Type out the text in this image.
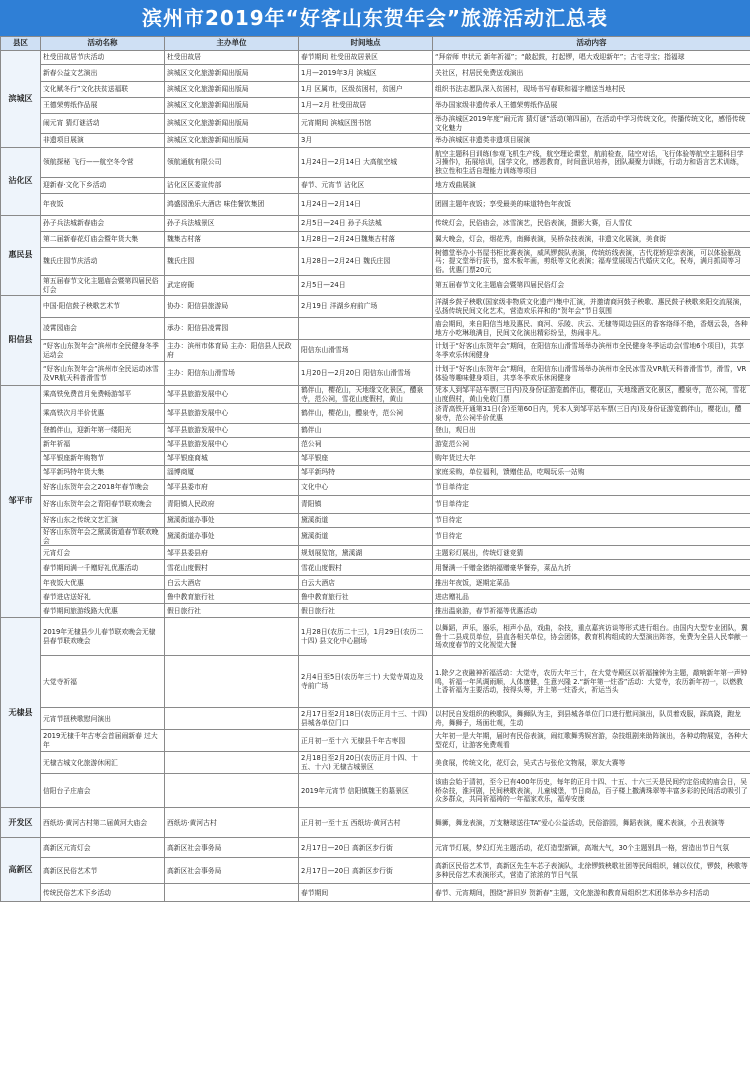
滨州市2019年“好客山东贺年会”旅游活动汇总表
县区	活动名称	主办单位	时间地点	活动内容
滨城区	杜受田故居节庆活动	杜受田故居	春节期间 杜受田故居景区	“拜帝师 申状元 新年祈福”；“敲起鼓，打起锣，唱大戏迎新年”；古宅寻宝；指福球
	新春公益文艺演出	滨城区文化旅游新闻出版局	1月—2019年3月 滨城区	关社区，村居民免费送戏演出
	文化赋冬行”文化扶贫送福联	滨城区文化旅游新闻出版局	1月 区属市，区级贫困村，贫困户	组织书法志愿队深入贫困村，现场书写春联和福字赠送当地村民
	王德荣剪纸作品展	滨城区文化旅游新闻出版局	1月—2月 杜受田故居	举办国家级非遗传承人王德荣剪纸作品展
	闹元宵 猜灯谜活动	滨城区文化旅游新闻出版局	元宵期间 滨城区图书馆	举办滨城区2019年度“闹元宵 猜灯谜”活动(第四届)，在活动中学习传统文化，传播传统文化，感悟传统文化魅力
	非遗项目展演	滨城区文化旅游新闻出版局	3月	举办滨城区非遗类非遗项目展演
沾化区	领航探秘 飞行——航空冬令营	领航通航有限公司	1月24日—2月14日 大高航空城	航空主题科目训练(参观飞机生产线，航空理论课堂，航前检查，陆空对话，飞行体验等航空主题科目学习操作)，拓展培训，国学文化，感恩教育，时间意识培养，团队凝聚力训练，行动力和语言艺术训练，独立性和生活自理能力训练等项目
	迎新春·文化下乡活动	沾化区区委宣传部	春节、元宵节 沾化区	地方戏曲展演
	年夜饭	鸿盛园渔乐大酒店 味佳餐饮集团	1月24日—2月14日	团圆主题年夜饭；享受最美的味道特色年夜饭
惠民县	孙子兵法城新春庙会	孙子兵法城景区	2月5日—24日 孙子兵法城	传统灯会，民俗庙会，冰雪演艺，民俗表演，摄影大赛，百人雪仗
	第二届新春花灯庙会暨年货大集	魏集古村落	1月28日—2月24日魏集古村落	翼大晚会，灯会，烟花秀，南狮表演，吴桥杂技表演，非遗文化展演，美食街
	魏氏庄园节庆活动	魏氏庄园	1月28日—2月24日 魏氏庄园	树德堂举办小书屋书柜比赛表演，威风锣鼓队表演，传统纺线表演，古代花轿迎亲表演，可以体验驱战马；提文堂举行拔书，蛮木板年画，剪纸等文化表演；福寿堂展现古代婚庆文化，祝寿，满月抓周等习俗。优惠门票20元
	第五届春节文化主题庙会暨第四届民俗灯会	武定府衙	2月5日—24日	第五届春节文化主题庙会暨第四届民俗灯会
阳信县	中国·阳信鼓子秧歌艺术节	协办：阳信县旅游局	2月19日 洋湖乡府前广场	洋湖乡鼓子秧歌(国家级非物质文化遗产)集中汇演，并邀请商河鼓子秧歌、惠民鼓子秧歌来阳交流展演，弘扬传统民间文化艺术，营造欢乐祥和的“贺年会”节日氛围
	凌霄园庙会	承办：阳信县凌霄园		庙会期间，来自阳信当地及惠民、商河、乐陵、庆云、无棣等周边县区的香客络绎不绝，香烟云袅，各种地方小吃琳琅满目，民间文化演出精彩纷呈，热闹非凡。
	“好客山东贺年会”滨州市全民健身冬季运动会	主办：滨州市体育局 主办：阳信县人民政府	阳信东山滑雪场	计划于“好客山东贺年会”期间，在阳信东山滑雪场举办滨州市全民健身冬季运动会(雪地6个项目)，共享冬季欢乐休闲健身
	“好客山东贺年会”滨州市全民运动冰雪及VR航天科普滑雪节	主办：阳信东山滑雪场	1月20日—2月20日 阳信东山滑雪场	计划于“好客山东贺年会”期间，在阳信东山滑雪场举办滨州市全民冰雪及VR航天科普滑雪节，滑雪，VR体验等趣味健身项目，共享冬季欢乐休闲健身
邹平市	乘高铁免费首月免费畅游邹平	邹平县旅游发展中心	鹤伴山，樱花山，天地缘文化景区，醴泉寺，范公祠，雪花山度假村，黄山	凭本人到邹平站车票(三日内)及身份证游览鹤伴山，樱花山，天地缘酒文化景区，醴泉寺，范公祠，雪花山度假村，黄山免收门票
	乘高铁次月半价优惠	邹平县旅游发展中心	鹤伴山，樱花山，醴泉寺，范公祠	济青高铁开通第31日(含)至第60日内，凭本人到邹平站车票(三日内)及身份证游览鹤伴山，樱花山，醴泉寺，范公祠半价优惠
	登鹤伴山，迎新年第一缕阳光	邹平县旅游发展中心	鹤伴山	登山，观日出
	新年祈福	邹平县旅游发展中心	范公祠	游览范公祠
	邹平银座新年购物节	邹平银座商城	邹平银座	购年货过大年
	邹平新玛特年货大集	淄博商厦	邹平新玛特	家庭采购，单位福利，馈赠佳品，吃喝玩乐一站购
	好客山东贺年会之2018年春节晚会	邹平县委市府	文化中心	节目单待定
	好客山东贺年会之青阳春节联欢晚会	青阳镇人民政府	青阳镇	节目单待定
	好客山东之传统文艺汇演	黛溪街道办事处	黛溪街道	节目待定
	好客山东贺年会之黛溪街道春节联欢晚会	黛溪街道办事处	黛溪街道	节目待定
	元宵灯会	邹平县委县府	规划展览馆，黛溪湖	主题彩灯展出，传统灯谜竞猜
	春节期间满一千赠好礼优惠活动	雪花山度假村	雪花山度假村	用餐满一千赠金猪纳福赠豪华餐券，菜品九折
	年夜饭大优惠	白云大酒店	白云大酒店	推出年夜饭，逐期定菜品
	春节进店送好礼	鲁中教育旅行社	鲁中教育旅行社	进店赠礼品
	春节期间旅游线路大优惠	假日旅行社	假日旅行社	推出温泉游，春节祈福等优惠活动
无棣县	2019年无棣县少儿春节联欢晚会无棣县春节联欢晚会		1月28日(农历二十三)，1月29日(农历二十四) 县文化中心剧场	以舞蹈，声乐，器乐，相声小品，戏曲，杂技，重点嘉宾访谈等形式进行组台。由国内大型专业团队，冀鲁十二县成员单位，县直各相关单位，协会团体，教育机构组成的大型演出阵容，免费为全县人民奉献一场欢度春节的文化视觉大餐
	大觉寺祈福		2月4日至5日(农历年三十) 大觉寺周边及寺前广场	1.除夕之夜融神祈福活动：大觉寺，农历大年三十，在大觉寺殿区以祈福撞钟为主题，敲响新年第一声钟鸣，祈福一年风调雨顺，人体康健，生意兴隆 2.“新年第一炷香”活动：大觉寺，农历新年初一，以燃教上香祈福为主要活动，按得头筹，并上第一炷香火，祈运当头
	元宵节扭秧歌慰问演出		2月17日至2月18日(农历正月十三、十四) 县城各单位门口	以村民自发组织的秧歌队，舞狮队为主，到县城各单位门口进行慰问演出，队员着戏服，踩高跷，跑龙舟，舞狮子，场面壮观，生动
	2019无棣千年古枣会首届闹新春 过大年		正月初一至十六 无棣县千年古枣园	大年初一是大年期，届时有民俗表演，闹红歌舞秀娱宫游，杂技组剧来助阵演出，各种动物展览，各种大型花灯，让游客免费观看
	无棣古城文化旅游休闲汇		2月18日至2月20日(农历正月十四、十五、十六) 无棣古城景区	美食展，传统文化，花灯会，吴式古与张伦文物展，翠友大赛等
	信阳台子庄庙会		2019年元宵节 信阳镇魏王豹墓景区	该庙会始于清初，至今已有400年历史，每年的正月十四、十五、十六三天是民间约定俗成的庙会日，吴桥杂技，淮河剧，民间秧歌表演，儿童城堡，节日商品，百子楼上撒满珠翠等丰富多彩的民间活动吸引了众多群众，共同祈福祷的一年福家欢乐，福寿安康
开发区	西纸坊·黄河古村第二届黄河大庙会	西纸坊·黄河古村	正月初一至十五 西纸坊·黄河古村	舞狮，舞龙表演，万支糖球送往TA”爱心公益活动，民俗游园，舞蹈表演，魔术表演，小丑表演等
高新区	高新区元宵灯会	高新区社会事务局	2月17日—20日 高新区步行街	元宵节灯展，梦幻灯光主题活动，花灯造型新颖，高端大气，30个主题别具一格，营造出节日气氛
	高新区民俗艺术节	高新区社会事务局	2月17日—20日 高新区步行街	高新区民俗艺术节，高新区先生车芯子表演队，北徐锣鼓秧歌社团等民间组织，辅以仪仗，锣鼓，秧歌等多种民俗艺术表演形式，营造了浓浓的节日气氛
	传统民俗艺术下乡活动		春节期间	春节、元宵期间，围绕“辞旧岁 贺新春”主题，文化旅游和教育局组织艺术团体举办乡村活动
